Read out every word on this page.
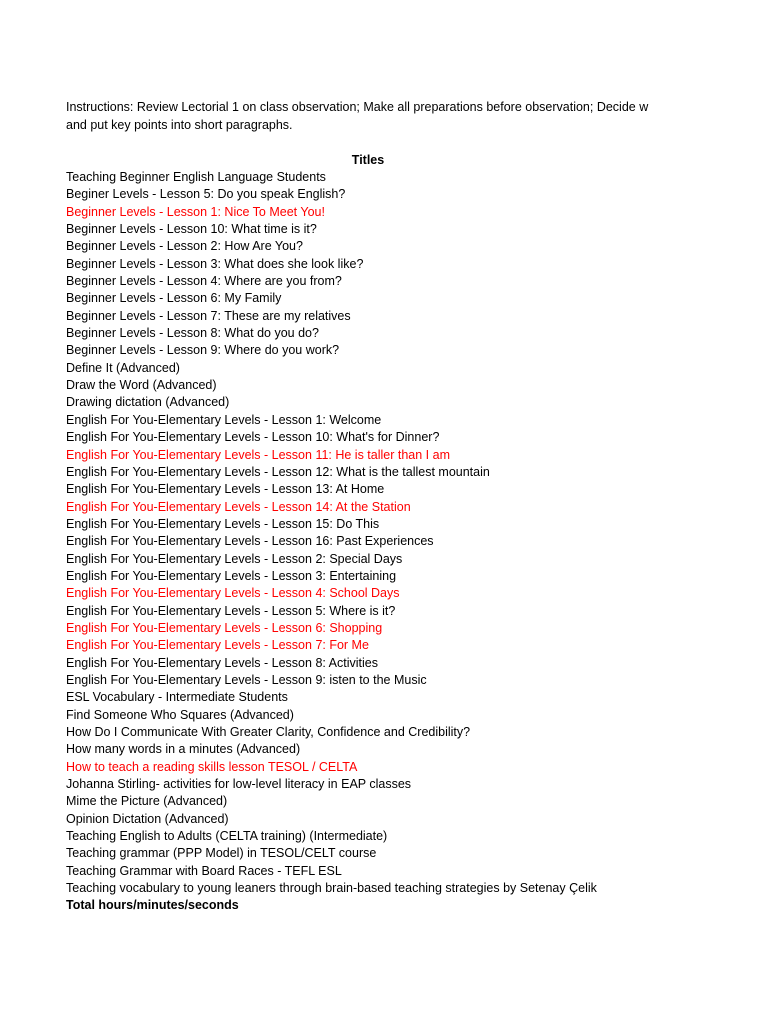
Instructions: Review Lectorial 1 on class observation; Make all preparations before observation; Decide w
and put key points into short paragraphs.
Titles
Teaching Beginner English Language Students
Beginer Levels - Lesson 5: Do you speak English?
Beginner Levels - Lesson 1: Nice To Meet You!
Beginner Levels - Lesson 10: What time is it?
Beginner Levels - Lesson 2: How Are You?
Beginner Levels - Lesson 3: What does she look like?
Beginner Levels - Lesson 4: Where are you from?
Beginner Levels - Lesson 6: My Family
Beginner Levels - Lesson 7: These are my relatives
Beginner Levels - Lesson 8: What do you do?
Beginner Levels - Lesson 9: Where do you work?
Define It (Advanced)
Draw the Word (Advanced)
Drawing dictation (Advanced)
English For You-Elementary Levels - Lesson 1: Welcome
English For You-Elementary Levels - Lesson 10: What's for Dinner?
English For You-Elementary Levels - Lesson 11: He is taller than I am
English For You-Elementary Levels - Lesson 12: What is the tallest mountain
English For You-Elementary Levels - Lesson 13: At Home
English For You-Elementary Levels - Lesson 14: At the Station
English For You-Elementary Levels - Lesson 15: Do This
English For You-Elementary Levels - Lesson 16: Past Experiences
English For You-Elementary Levels - Lesson 2: Special Days
English For You-Elementary Levels - Lesson 3: Entertaining
English For You-Elementary Levels - Lesson 4: School Days
English For You-Elementary Levels - Lesson 5: Where is it?
English For You-Elementary Levels - Lesson 6: Shopping
English For You-Elementary Levels - Lesson 7: For Me
English For You-Elementary Levels - Lesson 8: Activities
English For You-Elementary Levels - Lesson 9: isten to the Music
ESL Vocabulary - Intermediate Students
Find Someone Who Squares (Advanced)
How Do I Communicate With Greater Clarity, Confidence and Credibility?
How many words in a minutes (Advanced)
How to teach a reading skills lesson TESOL / CELTA
Johanna Stirling- activities for low-level literacy in EAP classes
Mime the Picture (Advanced)
Opinion Dictation (Advanced)
Teaching English to Adults (CELTA training) (Intermediate)
Teaching grammar (PPP Model) in TESOL/CELT course
Teaching Grammar with Board Races - TEFL ESL
Teaching vocabulary to young leaners through brain-based teaching strategies by Setenay Çelik
Total hours/minutes/seconds
